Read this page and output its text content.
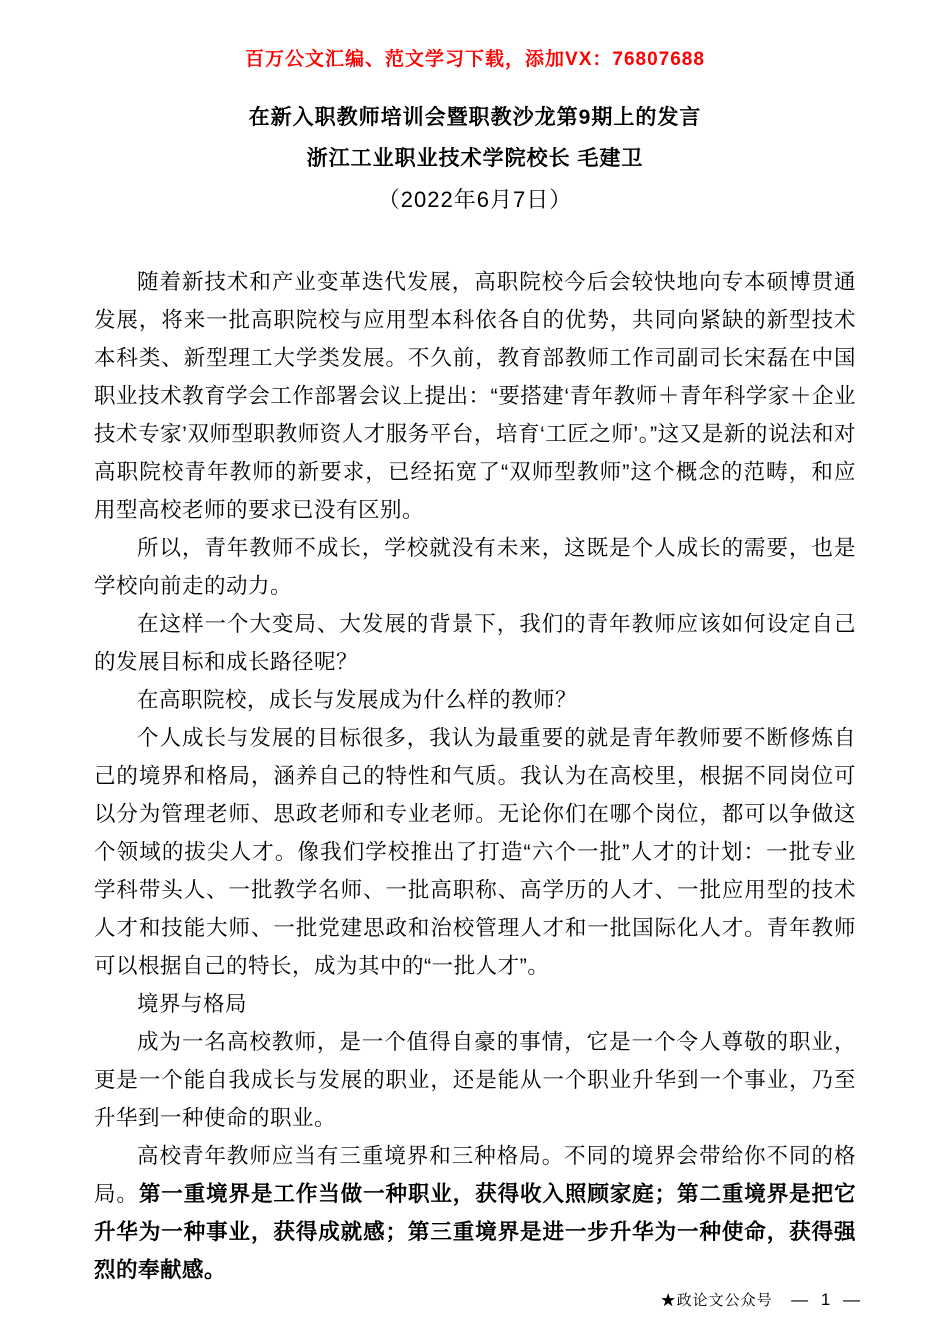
百万公文汇编、范文学习下载，添加VX：76807688
在新入职教师培训会暨职教沙龙第9期上的发言
浙江工业职业技术学院校长 毛建卫
（2022年6月7日）

随着新技术和产业变革迭代发展，高职院校今后会较快地向专本硕博贯通发展，将来一批高职院校与应用型本科依各自的优势，共同向紧缺的新型技术本科类、新型理工大学类发展。不久前，教育部教师工作司副司长宋磊在中国职业技术教育学会工作部署会议上提出：“要搭建‘青年教师＋青年科学家＋企业技术专家’双师型职教师资人才服务平台，培育‘工匠之师’。”这又是新的说法和对高职院校青年教师的新要求，已经拓宽了“双师型教师”这个概念的范畴，和应用型高校老师的要求已没有区别。

所以，青年教师不成长，学校就没有未来，这既是个人成长的需要，也是学校向前走的动力。

在这样一个大变局、大发展的背景下，我们的青年教师应该如何设定自己的发展目标和成长路径呢？

在高职院校，成长与发展成为什么样的教师？

个人成长与发展的目标很多，我认为最重要的就是青年教师要不断修炼自己的境界和格局，涵养自己的特性和气质。我认为在高校里，根据不同岗位可以分为管理老师、思政老师和专业老师。无论你们在哪个岗位，都可以争做这个领域的拔尖人才。像我们学校推出了打造“六个一批”人才的计划：一批专业学科带头人、一批教学名师、一批高职称、高学历的人才、一批应用型的技术人才和技能大师、一批党建思政和治校管理人才和一批国际化人才。青年教师可以根据自己的特长，成为其中的“一批人才”。

境界与格局

成为一名高校教师，是一个值得自豪的事情，它是一个令人尊敬的职业，更是一个能自我成长与发展的职业，还是能从一个职业升华到一个事业，乃至升华到一种使命的职业。

高校青年教师应当有三重境界和三种格局。不同的境界会带给你不同的格局。第一重境界是工作当做一种职业，获得收入照顾家庭；第二重境界是把它升华为一种事业，获得成就感；第三重境界是进一步升华为一种使命，获得强烈的奉献感。

★政论文公众号 — 1 —
